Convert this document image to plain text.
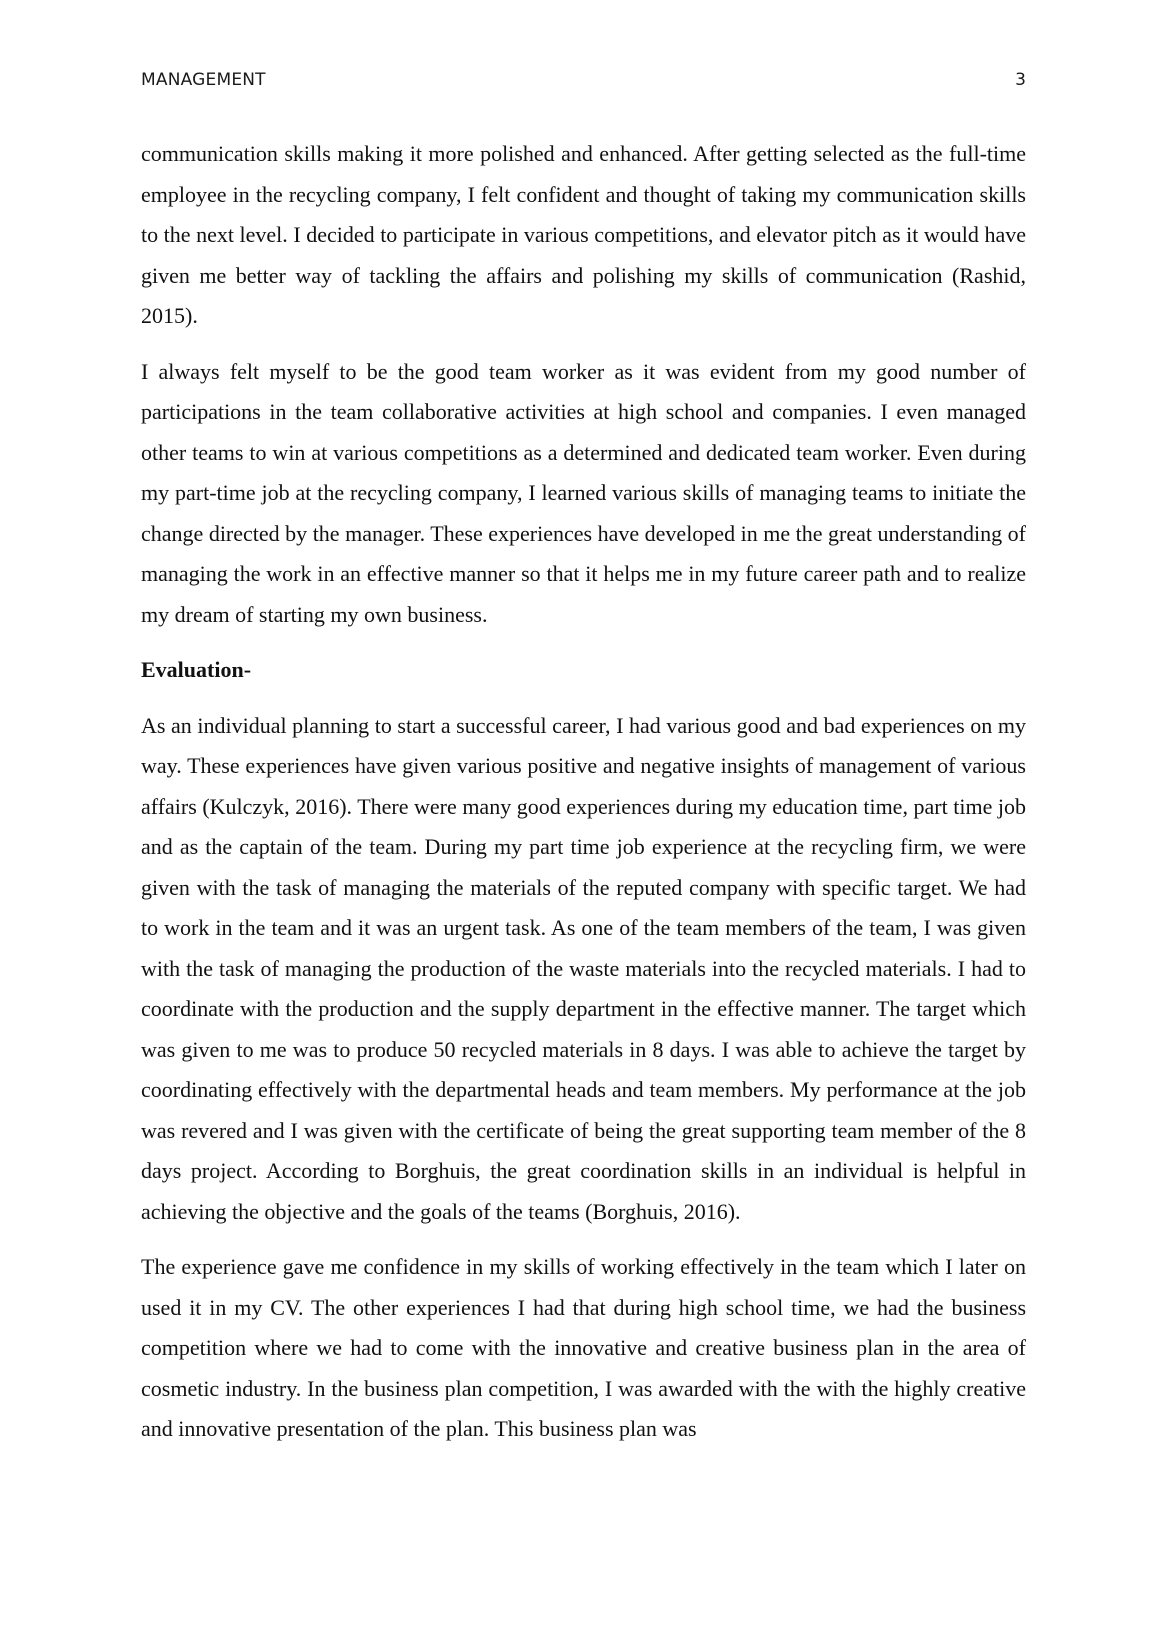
MANAGEMENT	3

communication skills making it more polished and enhanced. After getting selected as the full-time employee in the recycling company, I felt confident and thought of taking my communication skills to the next level. I decided to participate in various competitions, and elevator pitch as it would have given me better way of tackling the affairs and polishing my skills of communication (Rashid, 2015).

I always felt myself to be the good team worker as it was evident from my good number of participations in the team collaborative activities at high school and companies. I even managed other teams to win at various competitions as a determined and dedicated team worker. Even during my part-time job at the recycling company, I learned various skills of managing teams to initiate the change directed by the manager. These experiences have developed in me the great understanding of managing the work in an effective manner so that it helps me in my future career path and to realize my dream of starting my own business.

Evaluation-

As an individual planning to start a successful career, I had various good and bad experiences on my way. These experiences have given various positive and negative insights of management of various affairs (Kulczyk, 2016). There were many good experiences during my education time, part time job and as the captain of the team. During my part time job experience at the recycling firm, we were given with the task of managing the materials of the reputed company with specific target. We had to work in the team and it was an urgent task. As one of the team members of the team, I was given with the task of managing the production of the waste materials into the recycled materials. I had to coordinate with the production and the supply department in the effective manner. The target which was given to me was to produce 50 recycled materials in 8 days. I was able to achieve the target by coordinating effectively with the departmental heads and team members. My performance at the job was revered and I was given with the certificate of being the great supporting team member of the 8 days project. According to Borghuis, the great coordination skills in an individual is helpful in achieving the objective and the goals of the teams (Borghuis, 2016).

The experience gave me confidence in my skills of working effectively in the team which I later on used it in my CV. The other experiences I had that during high school time, we had the business competition where we had to come with the innovative and creative business plan in the area of cosmetic industry. In the business plan competition, I was awarded with the with the highly creative and innovative presentation of the plan. This business plan was
